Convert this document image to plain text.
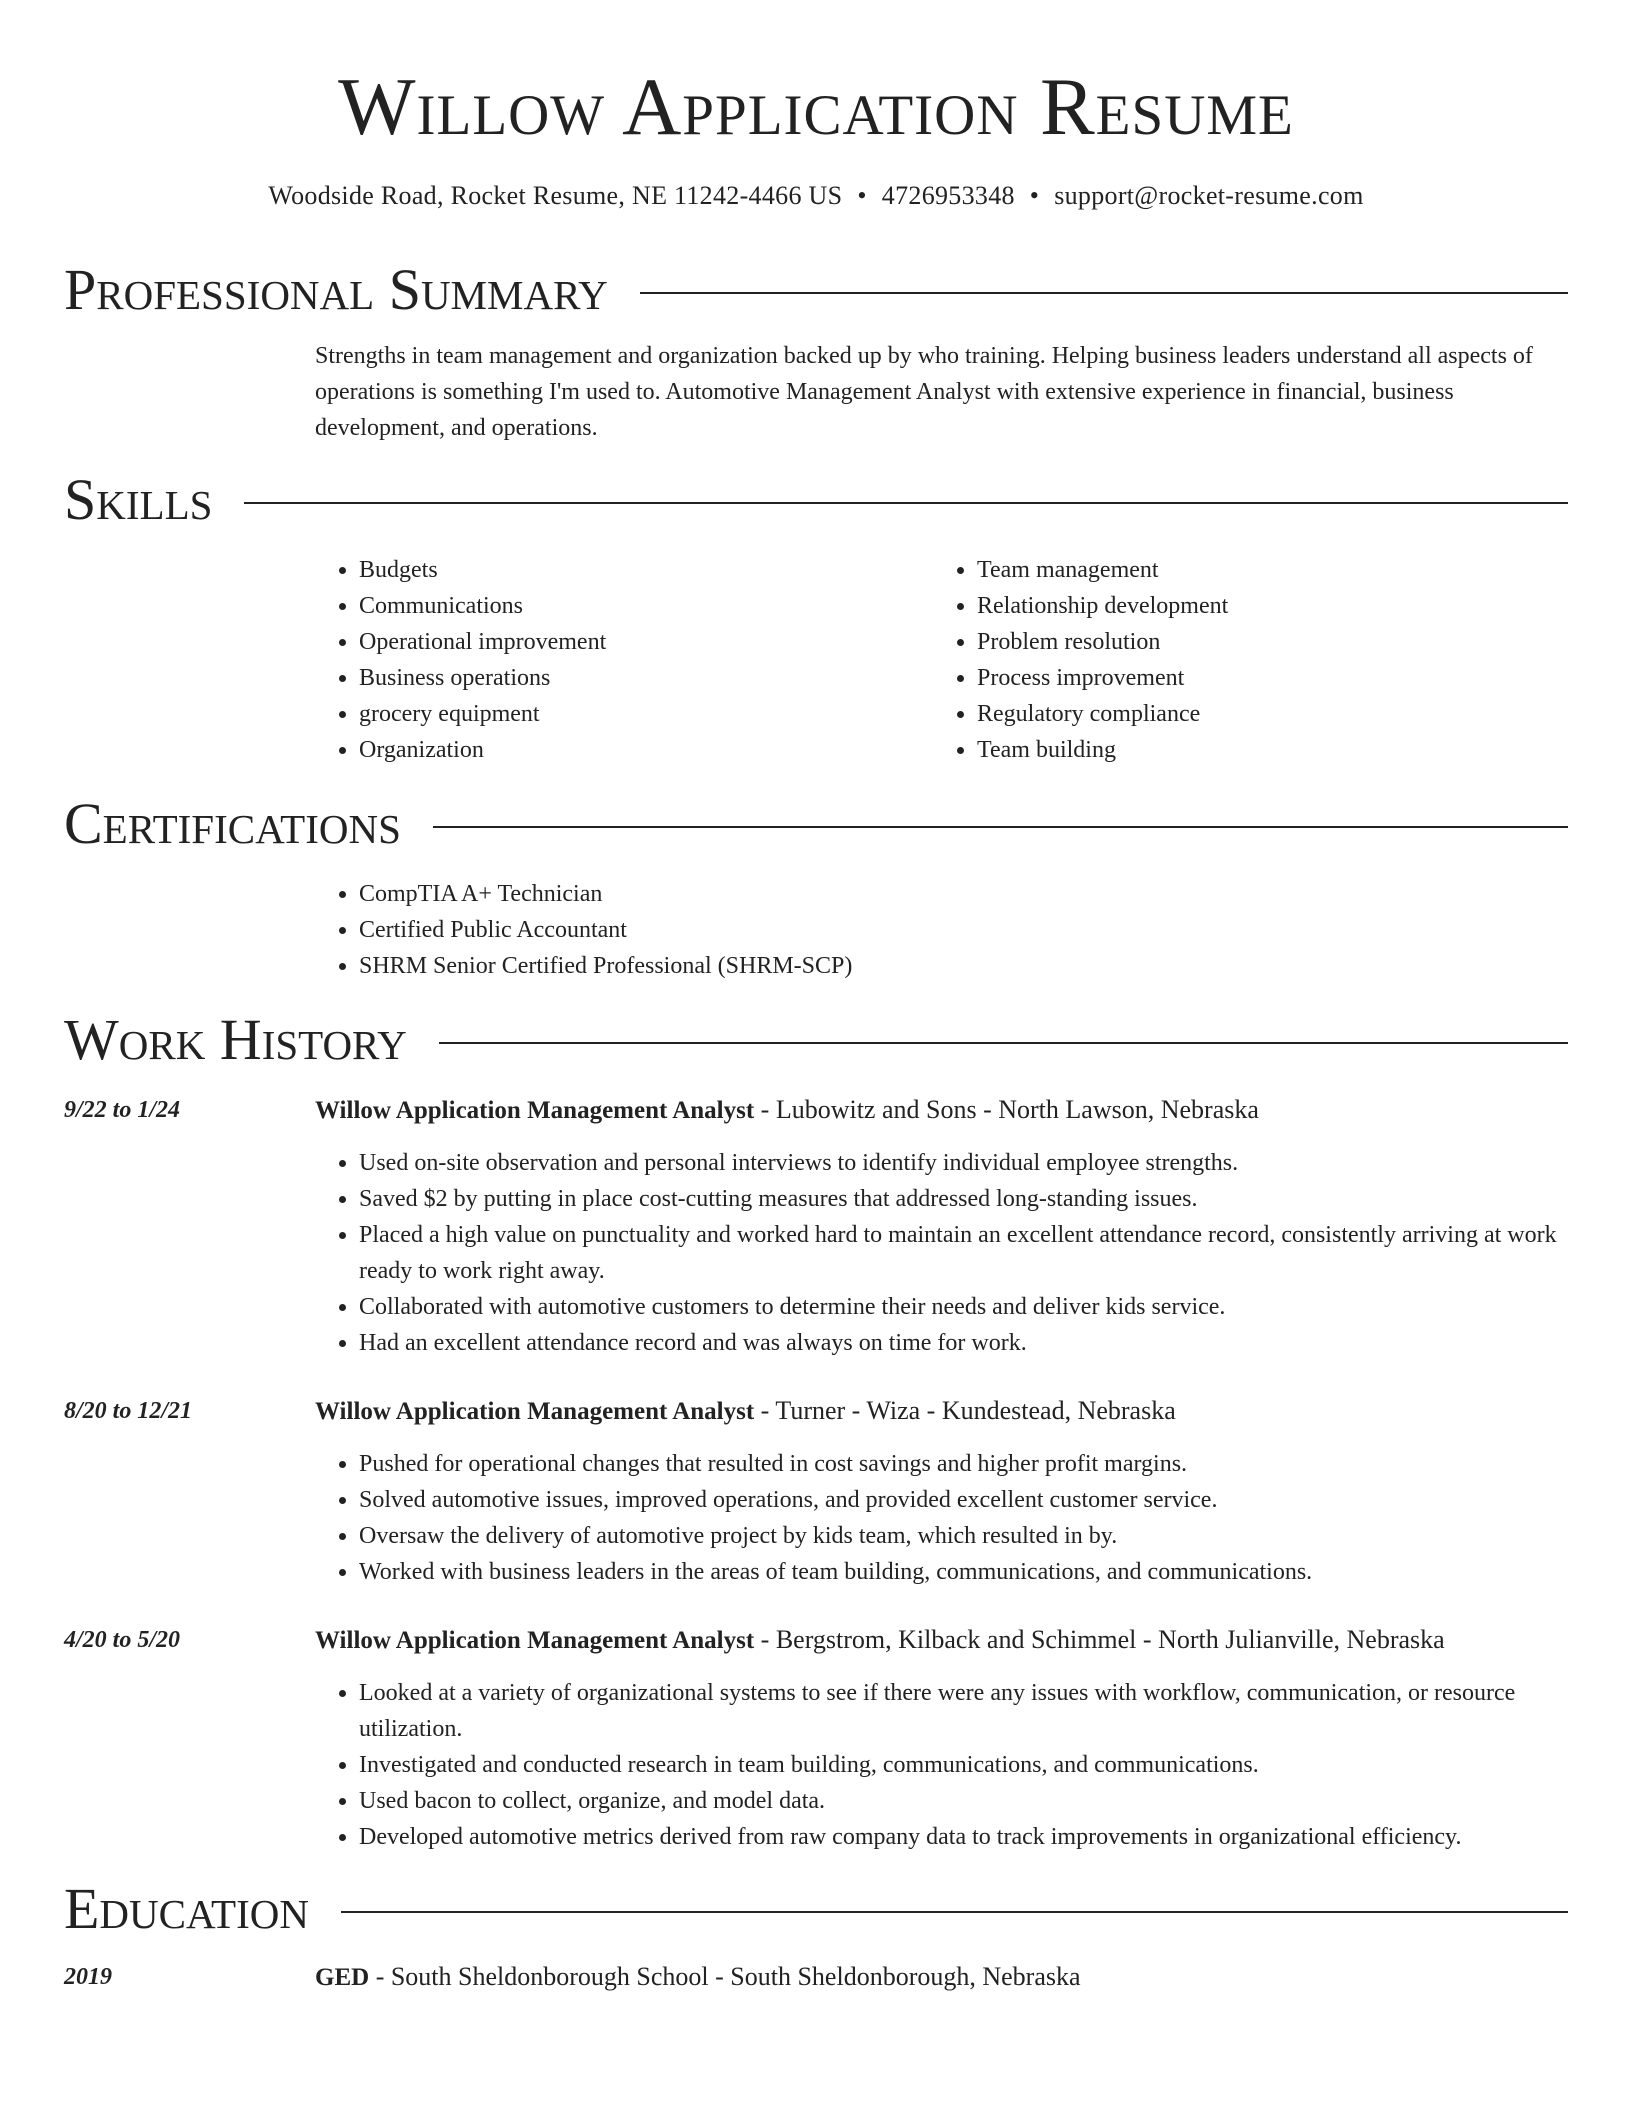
Willow Application Resume
Woodside Road, Rocket Resume, NE 11242-4466 US • 4726953348 • support@rocket-resume.com
Professional Summary

Strengths in team management and organization backed up by who training. Helping business leaders understand all aspects of operations is something I'm used to. Automotive Management Analyst with extensive experience in financial, business development, and operations.

Skills
• Budgets
• Communications
• Operational improvement
• Business operations
• grocery equipment
• Organization
• Team management
• Relationship development
• Problem resolution
• Process improvement
• Regulatory compliance
• Team building
Certifications
• CompTIA A+ Technician
• Certified Public Accountant
• SHRM Senior Certified Professional (SHRM-SCP)
Work History
9/22 to 1/24	Willow Application Management Analyst - Lubowitz and Sons - North Lawson, Nebraska
• Used on-site observation and personal interviews to identify individual employee strengths.
• Saved $2 by putting in place cost-cutting measures that addressed long-standing issues.
• Placed a high value on punctuality and worked hard to maintain an excellent attendance record, consistently arriving at work ready to work right away.
• Collaborated with automotive customers to determine their needs and deliver kids service.
• Had an excellent attendance record and was always on time for work.
8/20 to 12/21	Willow Application Management Analyst - Turner - Wiza - Kundestead, Nebraska
• Pushed for operational changes that resulted in cost savings and higher profit margins.
• Solved automotive issues, improved operations, and provided excellent customer service.
• Oversaw the delivery of automotive project by kids team, which resulted in by.
• Worked with business leaders in the areas of team building, communications, and communications.
4/20 to 5/20	Willow Application Management Analyst - Bergstrom, Kilback and Schimmel - North Julianville, Nebraska
• Looked at a variety of organizational systems to see if there were any issues with workflow, communication, or resource utilization.
• Investigated and conducted research in team building, communications, and communications.
• Used bacon to collect, organize, and model data.
• Developed automotive metrics derived from raw company data to track improvements in organizational efficiency.
Education
2019	GED - South Sheldonborough School - South Sheldonborough, Nebraska
